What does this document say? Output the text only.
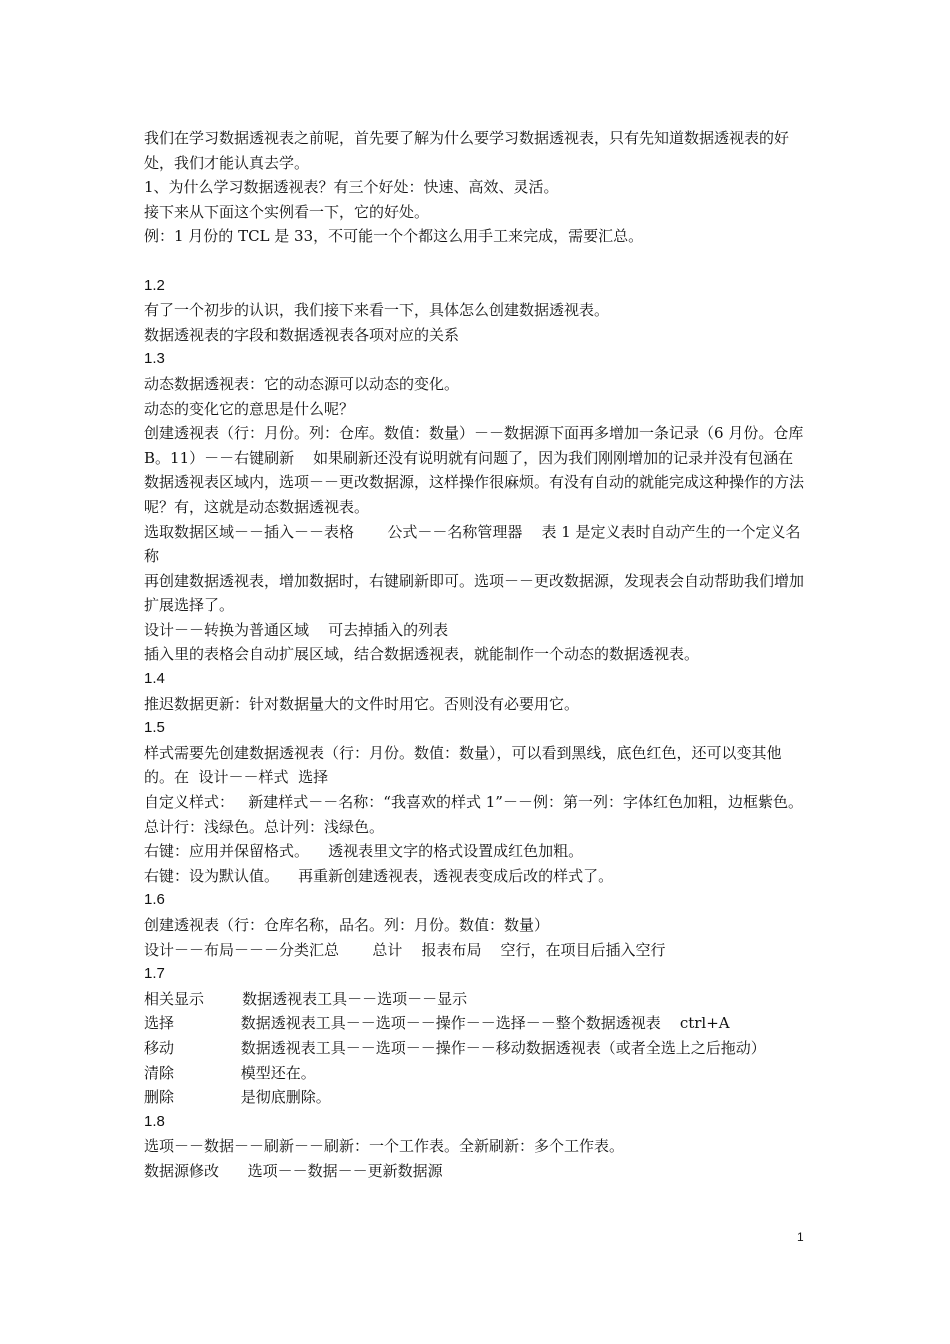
我们在学习数据透视表之前呢，首先要了解为什么要学习数据透视表，只有先知道数据透视表的好处，我们才能认真去学。

1、为什么学习数据透视表？有三个好处：快速、高效、灵活。

接下来从下面这个实例看一下，它的好处。

例：1 月份的 TCL 是 33，不可能一个个都这么用手工来完成，需要汇总。

1.2

有了一个初步的认识，我们接下来看一下，具体怎么创建数据透视表。

数据透视表的字段和数据透视表各项对应的关系

1.3

动态数据透视表：它的动态源可以动态的变化。

动态的变化它的意思是什么呢？

创建透视表（行：月份。列：仓库。数值：数量）－－数据源下面再多增加一条记录（6 月份。仓库 B。11）－－右键刷新    如果刷新还没有说明就有问题了，因为我们刚刚增加的记录并没有包涵在数据透视表区域内，选项－－更改数据源，这样操作很麻烦。有没有自动的就能完成这种操作的方法呢？有，这就是动态数据透视表。

选取数据区域－－插入－－表格       公式－－名称管理器    表 1 是定义表时自动产生的一个定义名称

再创建数据透视表，增加数据时，右键刷新即可。选项－－更改数据源，发现表会自动帮助我们增加扩展选择了。

设计－－转换为普通区域    可去掉插入的列表

插入里的表格会自动扩展区域，结合数据透视表，就能制作一个动态的数据透视表。

1.4

推迟数据更新：针对数据量大的文件时用它。否则没有必要用它。

1.5

样式需要先创建数据透视表（行：月份。数值：数量），可以看到黑线，底色红色，还可以变其他的。在  设计－－样式  选择

自定义样式：   新建样式－－名称：“我喜欢的样式 1”－－例：第一列：字体红色加粗，边框紫色。总计行：浅绿色。总计列：浅绿色。

右键：应用并保留格式。    透视表里文字的格式设置成红色加粗。

右键：设为默认值。    再重新创建透视表，透视表变成后改的样式了。

1.6

创建透视表（行：仓库名称，品名。列：月份。数值：数量）

设计－－布局－－－分类汇总       总计    报表布局    空行，在项目后插入空行

1.7

相关显示        数据透视表工具－－选项－－显示

选择              数据透视表工具－－选项－－操作－－选择－－整个数据透视表    ctrl+A

移动              数据透视表工具－－选项－－操作－－移动数据透视表（或者全选上之后拖动）

清除              模型还在。

删除              是彻底删除。

1.8

选项－－数据－－刷新－－刷新：一个工作表。全新刷新：多个工作表。

数据源修改      选项－－数据－－更新数据源

1
